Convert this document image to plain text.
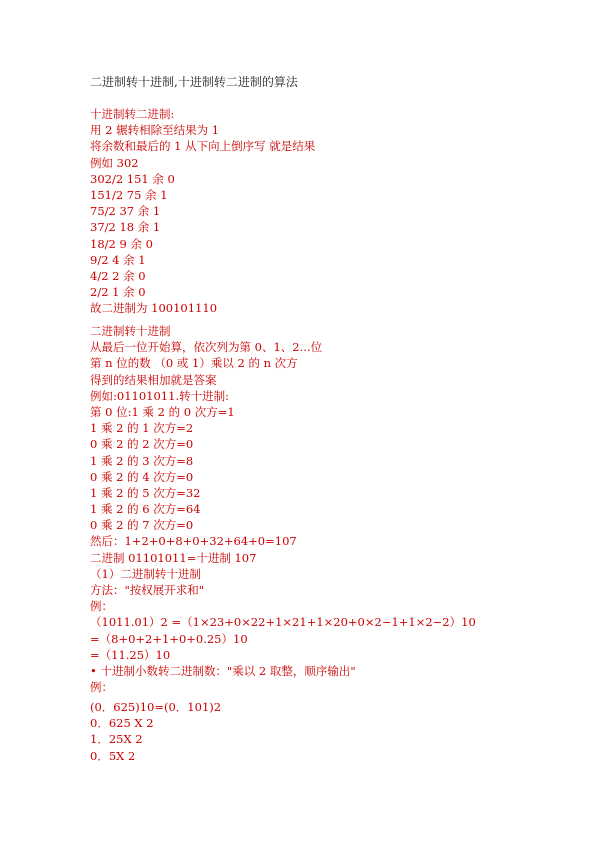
二进制转十进制,十进制转二进制的算法
十进制转二进制:
用 2 辗转相除至结果为 1
将余数和最后的 1 从下向上倒序写 就是结果
例如 302
302/2 151 余 0
151/2 75 余 1
75/2 37 余 1
37/2 18 余 1
18/2 9 余 0
9/2 4 余 1
4/2 2 余 0
2/2 1 余 0
故二进制为 100101110
二进制转十进制
从最后一位开始算，依次列为第 0、1、2...位
第 n 位的数 （0 或 1）乘以 2 的 n 次方
得到的结果相加就是答案
例如:01101011.转十进制:
第 0 位:1 乘 2 的 0 次方=1
1 乘 2 的 1 次方=2
0 乘 2 的 2 次方=0
1 乘 2 的 3 次方=8
0 乘 2 的 4 次方=0
1 乘 2 的 5 次方=32
1 乘 2 的 6 次方=64
0 乘 2 的 7 次方=0
然后：1+2+0+8+0+32+64+0=107
二进制 01101011=十进制 107
（1）二进制转十进制
方法："按权展开求和"
例：
（1011.01）2 =（1×23+0×22+1×21+1×20+0×2−1+1×2−2）10
=（8+0+2+1+0+0.25）10
=（11.25）10
• 十进制小数转二进制数："乘以 2 取整，顺序输出"
例：
(0．625)10=(0．101)2
0．625 X 2
1．25X 2
0．5X 2
